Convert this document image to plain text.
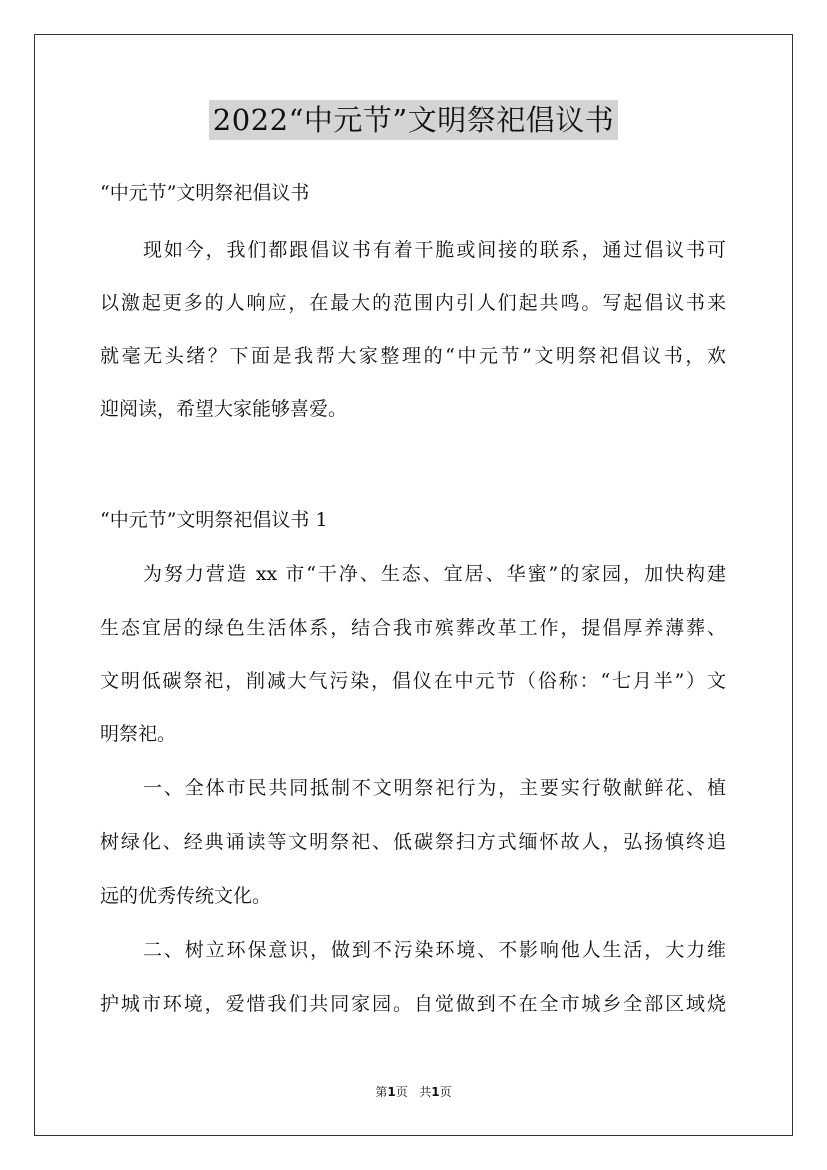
2022“中元节”文明祭祀倡议书
“中元节”文明祭祀倡议书
现如今，我们都跟倡议书有着干脆或间接的联系，通过倡议书可
以激起更多的人响应，在最大的范围内引人们起共鸣。写起倡议书来
就毫无头绪？下面是我帮大家整理的“中元节”文明祭祀倡议书，欢
迎阅读，希望大家能够喜爱。
“中元节”文明祭祀倡议书 1
为努力营造 xx 市“干净、生态、宜居、华蜜”的家园，加快构建
生态宜居的绿色生活体系，结合我市殡葬改革工作，提倡厚养薄葬、
文明低碳祭祀，削减大气污染，倡仪在中元节（俗称：“七月半”）文
明祭祀。
一、全体市民共同抵制不文明祭祀行为，主要实行敬献鲜花、植
树绿化、经典诵读等文明祭祀、低碳祭扫方式缅怀故人，弘扬慎终追
远的优秀传统文化。
二、树立环保意识，做到不污染环境、不影响他人生活，大力维
护城市环境，爱惜我们共同家园。自觉做到不在全市城乡全部区域烧
第1页 共1页
